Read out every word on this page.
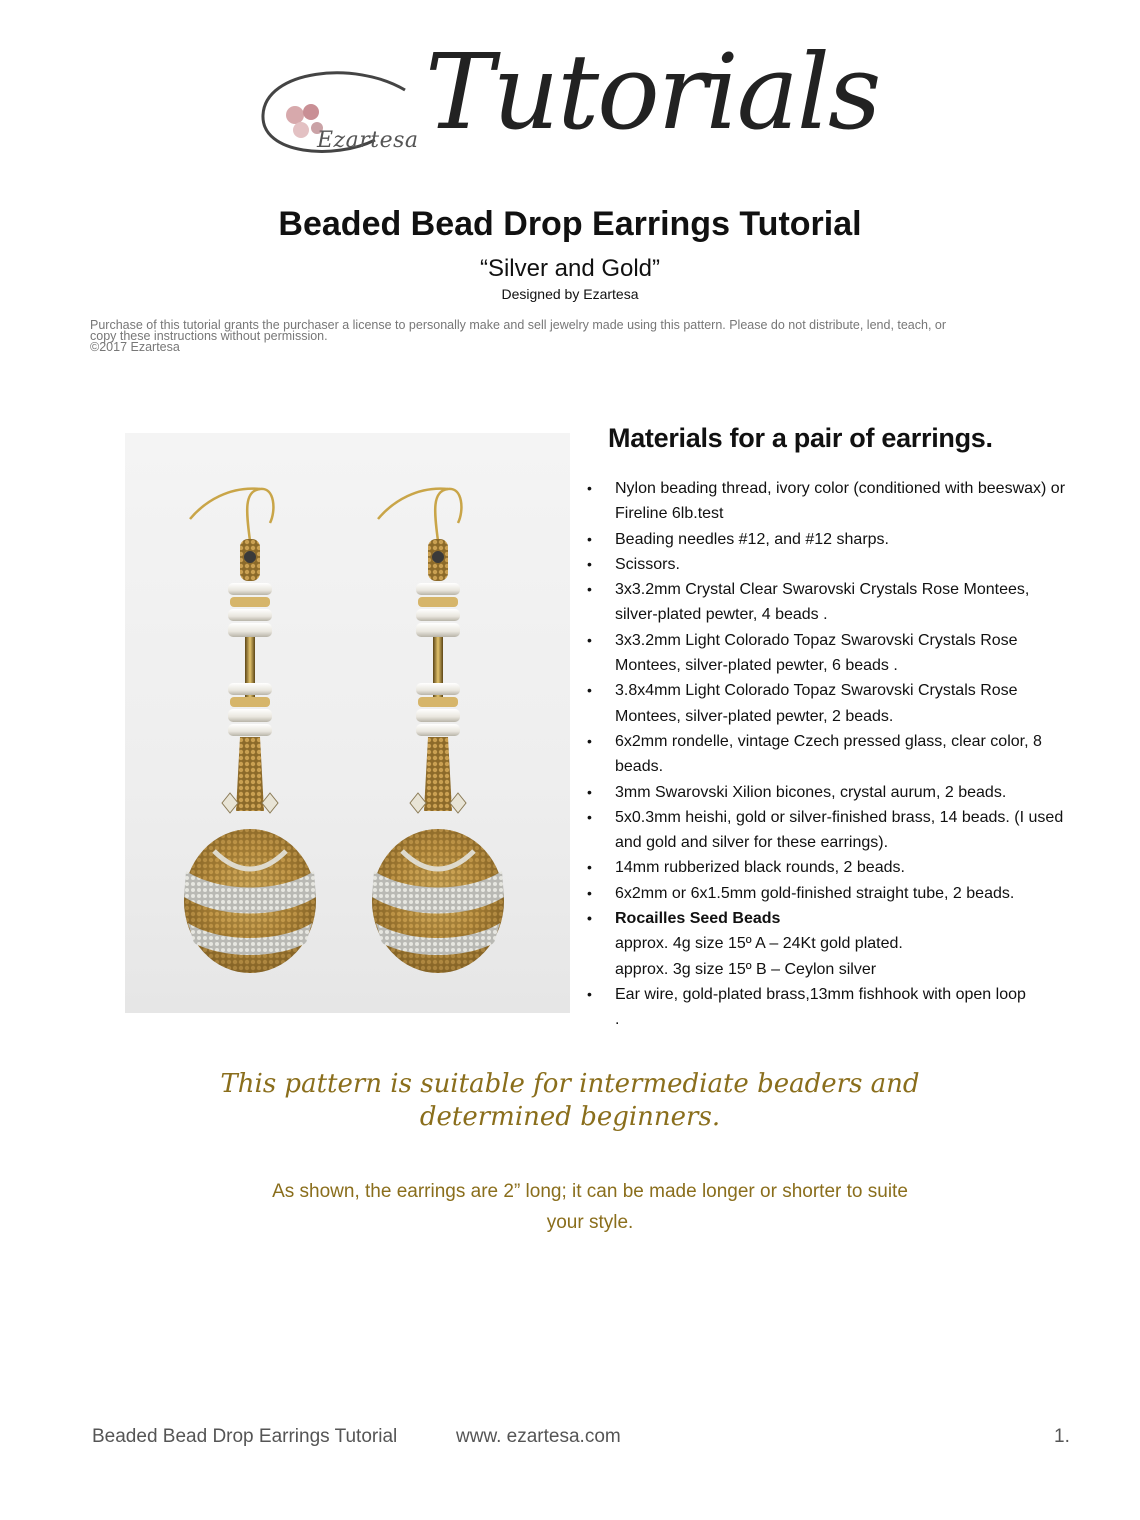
Ezartesa Tutorials
Beaded Bead Drop Earrings Tutorial
“Silver and Gold”
Designed by Ezartesa
Purchase of this tutorial grants the purchaser a license to personally make and sell jewelry made using this pattern. Please do not distribute, lend, teach, or
copy these instructions without permission.
©2017 Ezartesa
Materials for a pair of earrings.
• Nylon beading thread, ivory color (conditioned with beeswax) or Fireline 6lb.test
• Beading needles #12, and #12 sharps.
• Scissors.
• 3x3.2mm Crystal Clear Swarovski Crystals Rose Montees, silver-plated pewter, 4 beads .
• 3x3.2mm Light Colorado Topaz Swarovski Crystals Rose Montees, silver-plated pewter, 6 beads .
• 3.8x4mm Light Colorado Topaz Swarovski Crystals Rose Montees, silver-plated pewter, 2 beads.
• 6x2mm rondelle, vintage Czech pressed glass, clear color, 8 beads.
• 3mm Swarovski Xilion bicones, crystal aurum, 2 beads.
• 5x0.3mm heishi, gold or silver-finished brass, 14 beads. (I used and gold and silver for these earrings).
• 14mm rubberized black rounds, 2 beads.
• 6x2mm or 6x1.5mm gold-finished straight tube, 2 beads.
• Rocailles Seed Beads
approx. 4g size 15º A – 24Kt gold plated.
approx. 3g size 15º B – Ceylon silver
• Ear wire, gold-plated brass,13mm fishhook with open loop
.
This pattern is suitable for intermediate beaders and
determined beginners.
As shown, the earrings are 2” long; it can be made longer or shorter to suite
your style.
Beaded Bead Drop Earrings Tutorial	www. ezartesa.com	1.
